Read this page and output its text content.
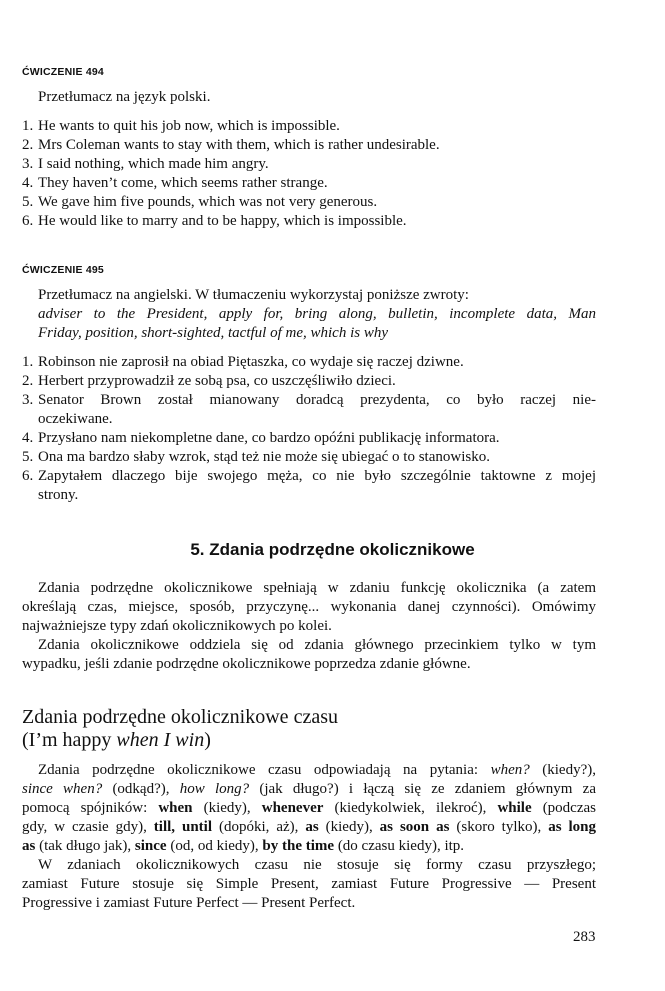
ĆWICZENIE 494
Przetłumacz na język polski.
1. He wants to quit his job now, which is impossible.
2. Mrs Coleman wants to stay with them, which is rather undesirable.
3. I said nothing, which made him angry.
4. They haven’t come, which seems rather strange.
5. We gave him five pounds, which was not very generous.
6. He would like to marry and to be happy, which is impossible.
ĆWICZENIE 495
Przetłumacz na angielski. W tłumaczeniu wykorzystaj poniższe zwroty:
adviser to the President, apply for, bring along, bulletin, incomplete data, Man
Friday, position, short-sighted, tactful of me, which is why
1. Robinson nie zaprosił na obiad Piętaszka, co wydaje się raczej dziwne.
2. Herbert przyprowadził ze sobą psa, co uszczęśliwiło dzieci.
3. Senator Brown został mianowany doradcą prezydenta, co było raczej nie-
oczekiwane.
4. Przysłano nam niekompletne dane, co bardzo opóźni publikację informatora.
5. Ona ma bardzo słaby wzrok, stąd też nie może się ubiegać o to stanowisko.
6. Zapytałem dlaczego bije swojego męża, co nie było szczególnie taktowne z mojej
strony.
5. Zdania podrzędne okolicznikowe
Zdania podrzędne okolicznikowe spełniają w zdaniu funkcję okolicznika (a zatem
określają czas, miejsce, sposób, przyczynę... wykonania danej czynności). Omówimy
najważniejsze typy zdań okolicznikowych po kolei.
Zdania okolicznikowe oddziela się od zdania głównego przecinkiem tylko w tym
wypadku, jeśli zdanie podrzędne okolicznikowe poprzedza zdanie główne.
Zdania podrzędne okolicznikowe czasu
(I’m happy when I win)
Zdania podrzędne okolicznikowe czasu odpowiadają na pytania: when? (kiedy?),
since when? (odkąd?), how long? (jak długo?) i łączą się ze zdaniem głównym za
pomocą spójników: when (kiedy), whenever (kiedykolwiek, ilekroć), while (podczas
gdy, w czasie gdy), till, until (dopóki, aż), as (kiedy), as soon as (skoro tylko), as long
as (tak długo jak), since (od, od kiedy), by the time (do czasu kiedy), itp.
W zdaniach okolicznikowych czasu nie stosuje się formy czasu przyszłego;
zamiast Future stosuje się Simple Present, zamiast Future Progressive — Present
Progressive i zamiast Future Perfect — Present Perfect.
283
